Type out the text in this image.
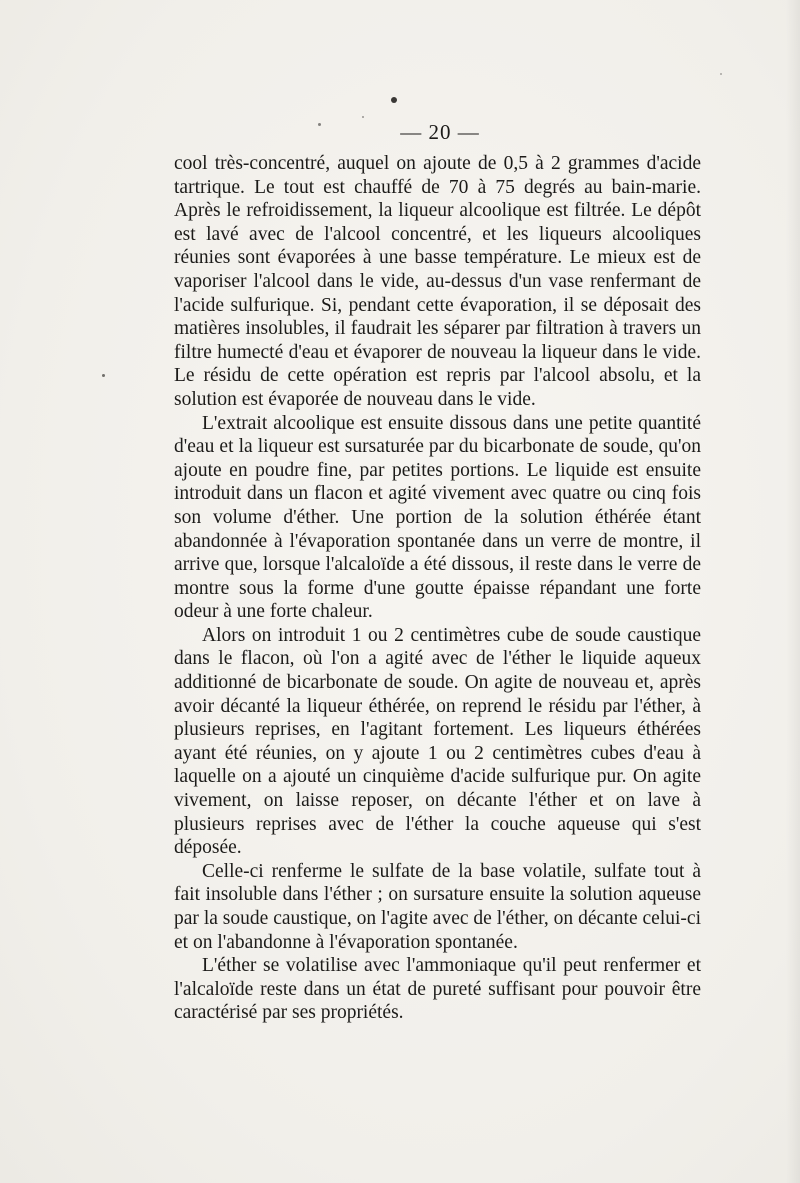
— 20 —

cool très-concentré, auquel on ajoute de 0,5 à 2 grammes d'acide tartrique. Le tout est chauffé de 70 à 75 degrés au bain-marie. Après le refroidissement, la liqueur alcoolique est filtrée. Le dépôt est lavé avec de l'alcool concentré, et les liqueurs alcooliques réunies sont évaporées à une basse température. Le mieux est de vaporiser l'alcool dans le vide, au-dessus d'un vase renfermant de l'acide sulfurique. Si, pendant cette évaporation, il se déposait des matières insolubles, il faudrait les séparer par filtration à travers un filtre humecté d'eau et évaporer de nouveau la liqueur dans le vide. Le résidu de cette opération est repris par l'alcool absolu, et la solution est évaporée de nouveau dans le vide.

L'extrait alcoolique est ensuite dissous dans une petite quantité d'eau et la liqueur est sursaturée par du bicarbonate de soude, qu'on ajoute en poudre fine, par petites portions. Le liquide est ensuite introduit dans un flacon et agité vivement avec quatre ou cinq fois son volume d'éther. Une portion de la solution éthérée étant abandonnée à l'évaporation spontanée dans un verre de montre, il arrive que, lorsque l'alcaloïde a été dissous, il reste dans le verre de montre sous la forme d'une goutte épaisse répandant une forte odeur à une forte chaleur.

Alors on introduit 1 ou 2 centimètres cube de soude caustique dans le flacon, où l'on a agité avec de l'éther le liquide aqueux additionné de bicarbonate de soude. On agite de nouveau et, après avoir décanté la liqueur éthérée, on reprend le résidu par l'éther, à plusieurs reprises, en l'agitant fortement. Les liqueurs éthérées ayant été réunies, on y ajoute 1 ou 2 centimètres cubes d'eau à laquelle on a ajouté un cinquième d'acide sulfurique pur. On agite vivement, on laisse reposer, on décante l'éther et on lave à plusieurs reprises avec de l'éther la couche aqueuse qui s'est déposée.

Celle-ci renferme le sulfate de la base volatile, sulfate tout à fait insoluble dans l'éther ; on sursature ensuite la solution aqueuse par la soude caustique, on l'agite avec de l'éther, on décante celui-ci et on l'abandonne à l'évaporation spontanée.

L'éther se volatilise avec l'ammoniaque qu'il peut renfermer et l'alcaloïde reste dans un état de pureté suffisant pour pouvoir être caractérisé par ses propriétés.
